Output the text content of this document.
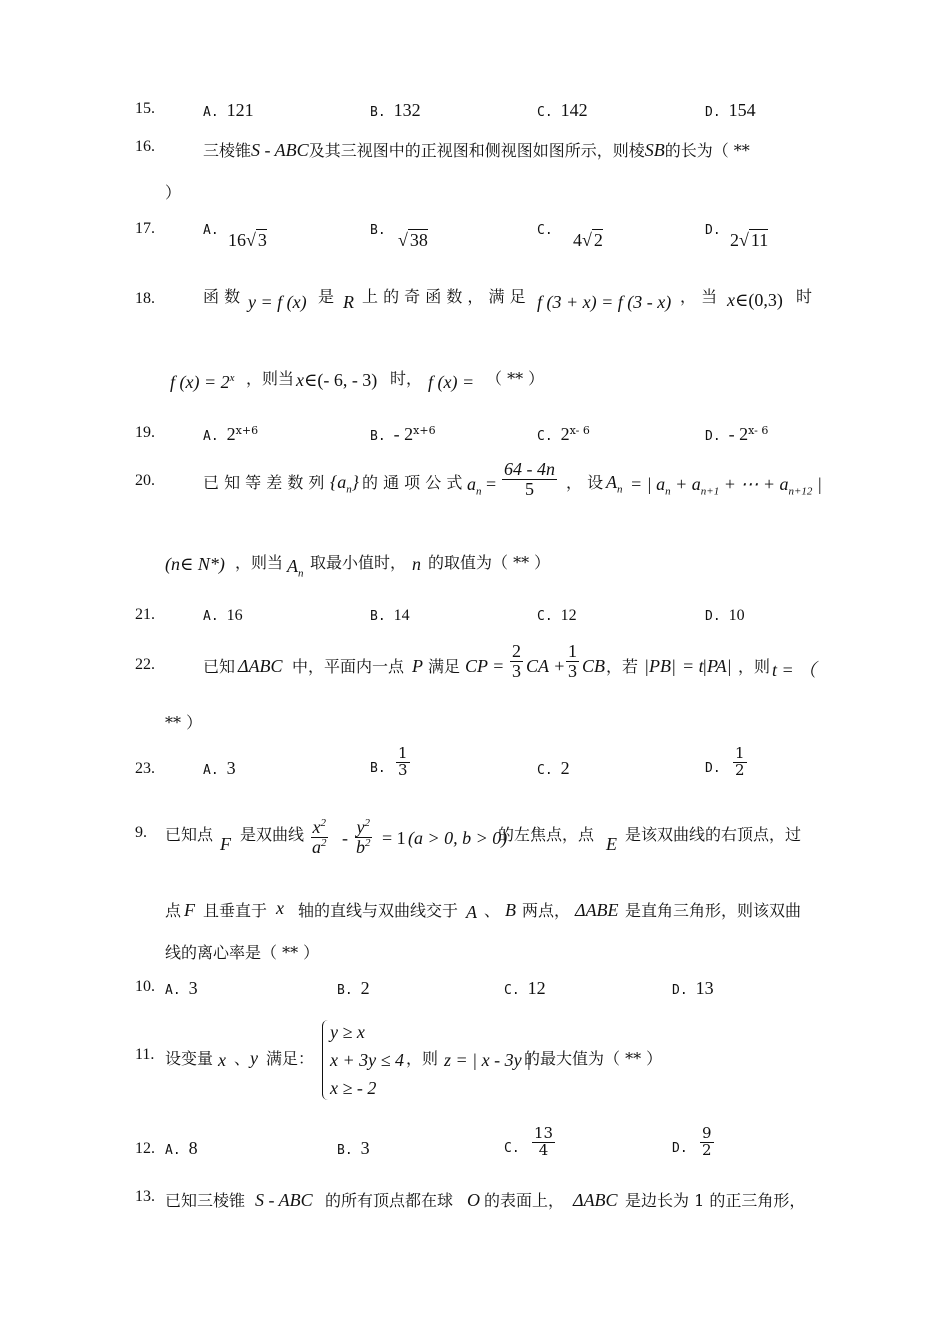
15.	A. 121	B. 132	C. 142	D. 154
16.	三棱锥S - ABC及其三视图中的正视图和侧视图如图所示，则棱SB的长为（ **
）
17.	A. 16√ 3	B. √ 38	C.	4√ 2	D. 2√ 11
18.	函 数 y = f (x) 是 R 上 的 奇 函 数 ， 满 足 f (3 + x) = f (3 - x) ， 当 x∈(0,3) 时
f $(x) = 2^x$ ，则当 x∈(- 6, - 3) 时， f (x) = （ ** ）
19.	A. $2^{x+6}$	B. - $2^{x+6}$	C. 2$^{x- 6}$	D. - 2$^{x- 6}$
20.	已 知 等 差 数 列 $\{a_n\}$ 的 通 项 公 式 $a_n = \frac{64 - 4n}{5}$ ， 设 $A_n$ = | $a_n + a_{n+1}$ + ⋯ + $a_{n+12}$ |
(n∈ N*) ，则当 $A_n$
取最小值时， n 的取值为（ ** ）
21.	A. 16	B. 14	C. 12	D. 10
22.	已知 ΔABC 中，平面内一点 P 满足 CP = $\frac{2}{3}$ CA + $\frac{1}{3}$ CB ，若 |PB| = t
|PA| ，则 t = （
** ）
23.	A. 3	B. $\frac{1}{3}$	C. 2	D. $\frac{1}{2}$
9. 已知点 F 是双曲线 $\frac{x^2}{a^2} - \frac{y^2}{b^2} = 1$ (a > 0, b > 0)
的左焦点，点 E 是该双曲线的右顶点，过
点 F 且垂直于 x 轴的直线与双曲线交于 A 、 B 两点， ΔABE 是直角三角形，则该双曲
线的离心率是（ ** ）
10. A. 3	B. 2	C. 12	D. 13
11. 设变量 x 、 y 满足：
y ≥ x
x + 3y ≤ 4
x ≥ - 2
，则 z = | x - 3y |
的最大值为（ ** ）
12. A. 8	B. 3	C. $\frac{13}{4}$	D. $\frac{9}{2}$
13. 已知三棱锥 S - ABC 的所有顶点都在球 O 的表面上， ΔABC 是边长为 1 的正三角形，
